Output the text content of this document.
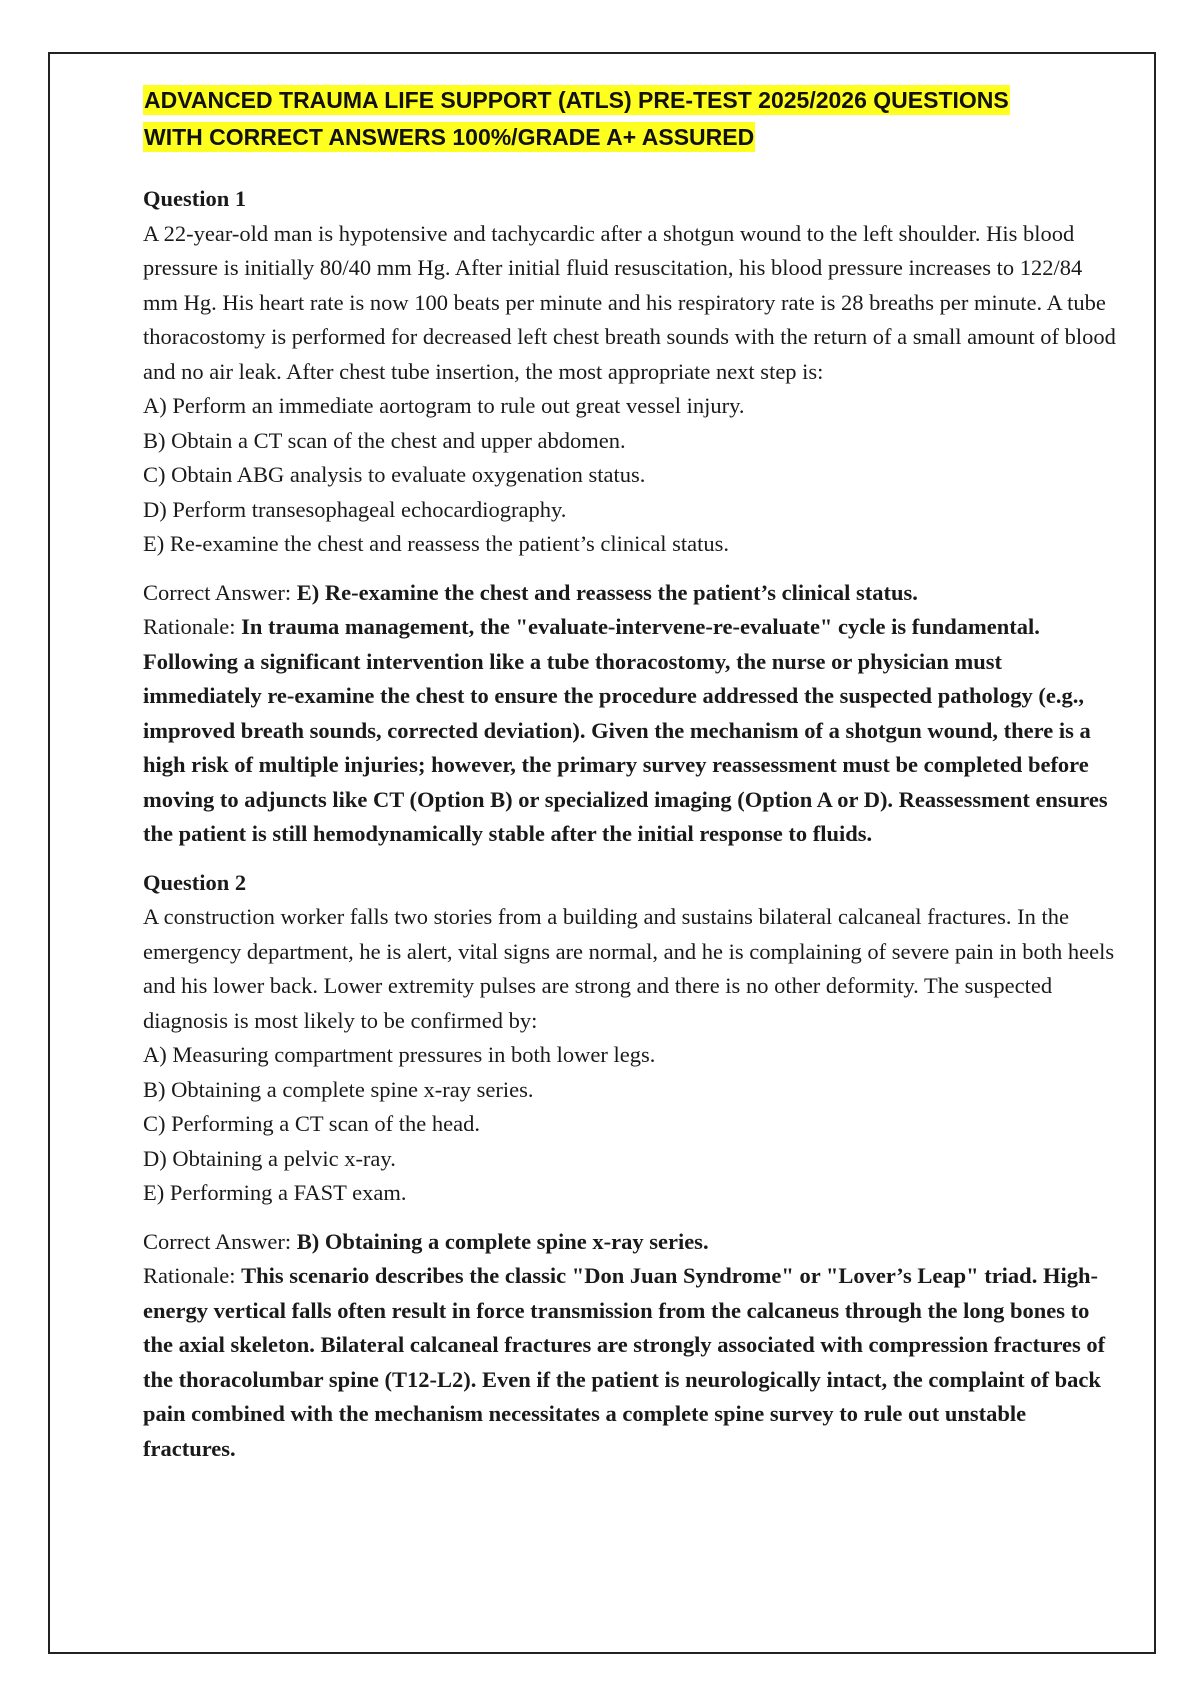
ADVANCED TRAUMA LIFE SUPPORT (ATLS) PRE-TEST 2025/2026 QUESTIONS
WITH CORRECT ANSWERS 100%/GRADE A+ ASSURED
Question 1

A 22-year-old man is hypotensive and tachycardic after a shotgun wound to the left shoulder. His blood pressure is initially 80/40 mm Hg. After initial fluid resuscitation, his blood pressure increases to 122/84 mm Hg. His heart rate is now 100 beats per minute and his respiratory rate is 28 breaths per minute. A tube thoracostomy is performed for decreased left chest breath sounds with the return of a small amount of blood and no air leak. After chest tube insertion, the most appropriate next step is:

A) Perform an immediate aortogram to rule out great vessel injury.

B) Obtain a CT scan of the chest and upper abdomen.

C) Obtain ABG analysis to evaluate oxygenation status.

D) Perform transesophageal echocardiography.

E) Re-examine the chest and reassess the patient’s clinical status.

Correct Answer: E) Re-examine the chest and reassess the patient’s clinical status.
Rationale: In trauma management, the "evaluate-intervene-re-evaluate" cycle is fundamental. Following a significant intervention like a tube thoracostomy, the nurse or physician must immediately re-examine the chest to ensure the procedure addressed the suspected pathology (e.g., improved breath sounds, corrected deviation). Given the mechanism of a shotgun wound, there is a high risk of multiple injuries; however, the primary survey reassessment must be completed before moving to adjuncts like CT (Option B) or specialized imaging (Option A or D). Reassessment ensures the patient is still hemodynamically stable after the initial response to fluids.
Question 2

A construction worker falls two stories from a building and sustains bilateral calcaneal fractures. In the emergency department, he is alert, vital signs are normal, and he is complaining of severe pain in both heels and his lower back. Lower extremity pulses are strong and there is no other deformity. The suspected diagnosis is most likely to be confirmed by:

A) Measuring compartment pressures in both lower legs.

B) Obtaining a complete spine x-ray series.

C) Performing a CT scan of the head.

D) Obtaining a pelvic x-ray.

E) Performing a FAST exam.

Correct Answer: B) Obtaining a complete spine x-ray series.
Rationale: This scenario describes the classic "Don Juan Syndrome" or "Lover’s Leap" triad. High-energy vertical falls often result in force transmission from the calcaneus through the long bones to the axial skeleton. Bilateral calcaneal fractures are strongly associated with compression fractures of the thoracolumbar spine (T12-L2). Even if the patient is neurologically intact, the complaint of back pain combined with the mechanism necessitates a complete spine survey to rule out unstable fractures.
